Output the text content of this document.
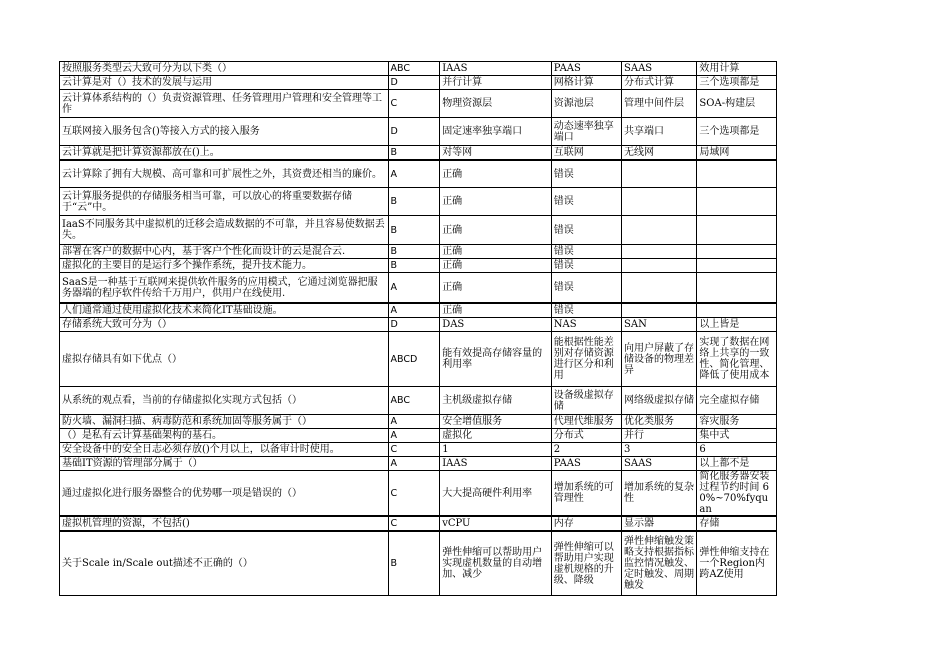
按照服务类型云大致可分为以下类（）	ABC	IAAS	PAAS	SAAS	效用计算
云计算是对（）技术的发展与运用	D	并行计算	网格计算	分布式计算	三个选项都是
云计算体系结构的（）负责资源管理、任务管理用户管理和安全管理等工作	C	物理资源层	资源池层	管理中间件层	SOA-构建层
互联网接入服务包含()等接入方式的接入服务	D	固定速率独享端口	动态速率独享端口	共享端口	三个选项都是
云计算就是把计算资源都放在()上。	B	对等网	互联网	无线网	局域网
云计算除了拥有大规模、高可靠和可扩展性之外，其资费还相当的廉价。	A	正确	错误		
云计算服务提供的存储服务相当可靠，可以放心的将重要数据存储于“云”中。	B	正确	错误		
IaaS不同服务其中虚拟机的迁移会造成数据的不可靠，并且容易使数据丢失。	B	正确	错误		
部署在客户的数据中心内，基于客户个性化而设计的云是混合云.	B	正确	错误		
虚拟化的主要目的是运行多个操作系统，提升技术能力。	B	正确	错误		
SaaS是一种基于互联网来提供软件服务的应用模式，它通过浏览器把服务器端的程序软件传给千万用户，供用户在线使用.	A	正确	错误		
人们通常通过使用虚拟化技术来简化IT基础设施。	A	正确	错误		
存储系统大致可分为（）	D	DAS	NAS	SAN	以上皆是
虚拟存储具有如下优点（）	ABCD	能有效提高存储容量的利用率	能根据性能差别对存储资源进行区分和利用	向用户屏蔽了存储设备的物理差异	实现了数据在网络上共享的一致性、简化管理、降低了使用成本
从系统的观点看，当前的存储虚拟化实现方式包括（）	ABC	主机级虚拟存储	设备级虚拟存储	网络级虚拟存储	完全虚拟存储
防火墙、漏洞扫描、病毒防范和系统加固等服务属于（）	A	安全增值服务	代理代维服务	优化类服务	容灾服务
（）是私有云计算基础架构的基石。	A	虚拟化	分布式	并行	集中式
安全设备中的安全日志必须存放()个月以上，以备审计时使用。	C	1	2	3	6
基础IT资源的管理部分属于（）	A	IAAS	PAAS	SAAS	以上都不是
通过虚拟化进行服务器整合的优势哪一项是错误的（）	C	大大提高硬件利用率	增加系统的可管理性	增加系统的复杂性	简化服务器安装过程节约时间 60%~70%fyquan
虚拟机管理的资源，不包括()	C	vCPU	内存	显示器	存储
关于Scale in/Scale out描述不正确的（）	B	弹性伸缩可以帮助用户实现虚机数量的自动增加、减少	弹性伸缩可以帮助用户实现虚机规格的升级、降级	弹性伸缩触发策略支持根据指标监控情况触发、定时触发、周期触发	弹性伸缩支持在一个Region内跨AZ使用
